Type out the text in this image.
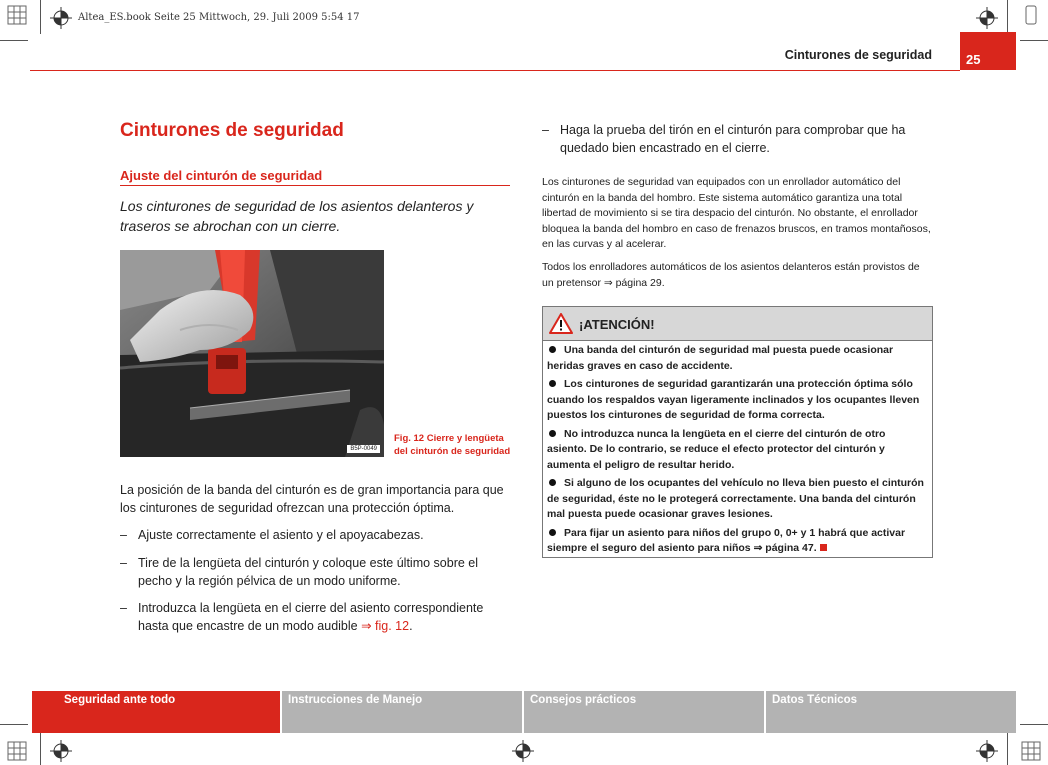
Altea_ES.book Seite 25 Mittwoch, 29. Juli 2009 5:54 17
Cinturones de seguridad	25
Cinturones de seguridad
Ajuste del cinturón de seguridad
Los cinturones de seguridad de los asientos delanteros y traseros se abrochan con un cierre.
B5P-0049
Fig. 12 Cierre y lengüeta del cinturón de seguridad
La posición de la banda del cinturón es de gran importancia para que los cinturones de seguridad ofrezcan una protección óptima.
– Ajuste correctamente el asiento y el apoyacabezas.
– Tire de la lengüeta del cinturón y coloque este último sobre el pecho y la región pélvica de un modo uniforme.
– Introduzca la lengüeta en el cierre del asiento correspondiente hasta que encastre de un modo audible ⇒ fig. 12.
– Haga la prueba del tirón en el cinturón para comprobar que ha quedado bien encastrado en el cierre.
Los cinturones de seguridad van equipados con un enrollador automático del cinturón en la banda del hombro. Este sistema automático garantiza una total libertad de movimiento si se tira despacio del cinturón. No obstante, el enrollador bloquea la banda del hombro en caso de frenazos bruscos, en tramos montañosos, en las curvas y al acelerar.
Todos los enrolladores automáticos de los asientos delanteros están provistos de un pretensor ⇒ página 29.
¡ATENCIÓN!
Una banda del cinturón de seguridad mal puesta puede ocasionar heridas graves en caso de accidente.
Los cinturones de seguridad garantizarán una protección óptima sólo cuando los respaldos vayan ligeramente inclinados y los ocupantes lleven puestos los cinturones de seguridad de forma correcta.
No introduzca nunca la lengüeta en el cierre del cinturón de otro asiento. De lo contrario, se reduce el efecto protector del cinturón y aumenta el peligro de resultar herido.
Si alguno de los ocupantes del vehículo no lleva bien puesto el cinturón de seguridad, éste no le protegerá correctamente. Una banda del cinturón mal puesta puede ocasionar graves lesiones.
Para fijar un asiento para niños del grupo 0, 0+ y 1 habrá que activar siempre el seguro del asiento para niños ⇒ página 47.
Seguridad ante todo	Instrucciones de Manejo	Consejos prácticos	Datos Técnicos
